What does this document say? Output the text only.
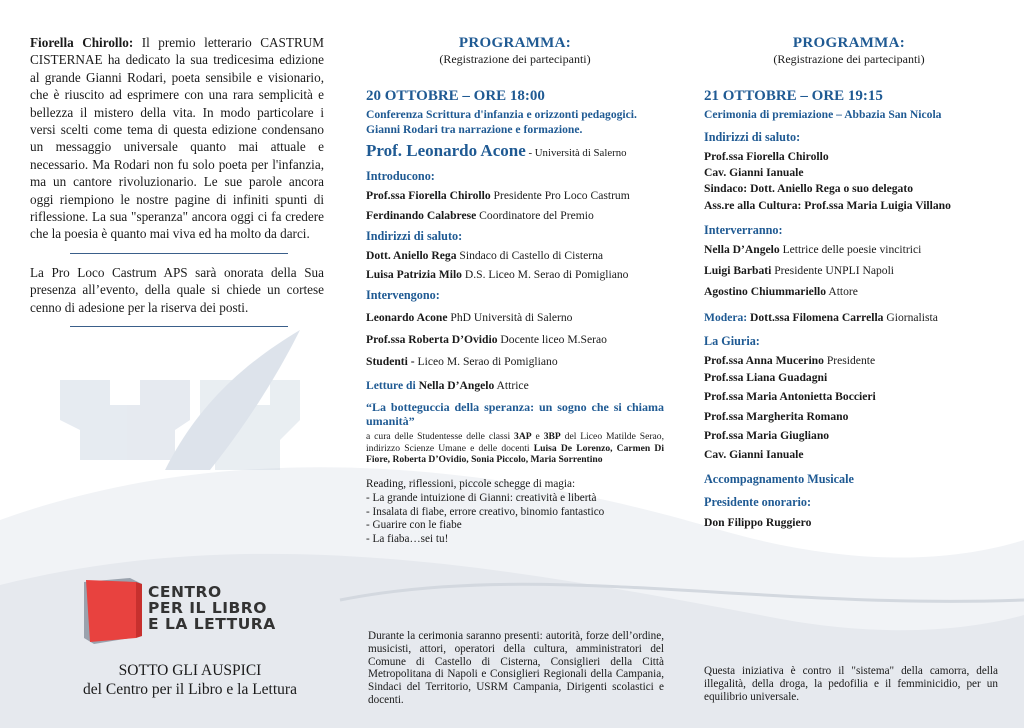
Fiorella Chirollo: Il premio letterario CASTRUM CISTERNAE ha dedicato la sua tredicesima edizione al grande Gianni Rodari, poeta sensibile e visionario, che è riuscito ad esprimere con una rara semplicità e bellezza il mistero della vita. In modo particolare i versi scelti come tema di questa edizione condensano un messaggio universale quanto mai attuale e necessario. Ma Rodari non fu solo poeta per l'infanzia, ma un cantore rivoluzionario. Le sue parole ancora oggi riempiono le nostre pagine di infiniti spunti di riflessione. La sua "speranza" ancora oggi ci fa credere che la poesia è quanto mai viva ed ha molto da darci.

La Pro Loco Castrum APS sarà onorata della Sua presenza all’evento, della quale si chiede un cortese cenno di adesione per la riserva dei posti.

CENTRO
PER IL LIBRO
E LA LETTURA
SOTTO GLI AUSPICI
del Centro per il Libro e la Lettura
PROGRAMMA:
(Registrazione dei partecipanti)
20 OTTOBRE – ORE 18:00
Conferenza Scrittura d'infanzia e orizzonti pedagogici.
Gianni Rodari tra narrazione e formazione.
Prof. Leonardo Acone - Università di Salerno
Introducono:
Prof.ssa Fiorella Chirollo Presidente Pro Loco Castrum
Ferdinando Calabrese Coordinatore del Premio
Indirizzi di saluto:
Dott. Aniello Rega Sindaco di Castello di Cisterna
Luisa Patrizia Milo D.S. Liceo M. Serao di Pomigliano
Intervengono:
Leonardo Acone PhD Università di Salerno
Prof.ssa Roberta D’Ovidio Docente liceo M.Serao
Studenti - Liceo M. Serao di Pomigliano
Letture di Nella D’Angelo Attrice
“La botteguccia della speranza: un sogno che si chiama umanità”
a cura delle Studentesse delle classi 3AP e 3BP del Liceo Matilde Serao, indirizzo Scienze Umane e delle docenti Luisa De Lorenzo, Carmen Di Fiore, Roberta D’Ovidio, Sonia Piccolo, Maria Sorrentino
Reading, riflessioni, piccole schegge di magia:
- La grande intuizione di Gianni: creatività e libertà
- Insalata di fiabe, errore creativo, binomio fantastico
- Guarire con le fiabe
- La fiaba…sei tu!
Durante la cerimonia saranno presenti: autorità, forze dell’ordine, musicisti, attori, operatori della cultura, amministratori del Comune di Castello di Cisterna, Consiglieri della Città Metropolitana di Napoli e Consiglieri Regionali della Campania, Sindaci del Territorio, USRM Campania, Dirigenti scolastici e docenti.
PROGRAMMA:
(Registrazione dei partecipanti)
21 OTTOBRE – ORE 19:15
Cerimonia di premiazione – Abbazia San Nicola
Indirizzi di saluto:
Prof.ssa Fiorella Chirollo
Cav. Gianni Ianuale
Sindaco: Dott. Aniello Rega o suo delegato
Ass.re alla Cultura: Prof.ssa Maria Luigia Villano
Interverranno:
Nella D’Angelo Lettrice delle poesie vincitrici
Luigi Barbati Presidente UNPLI Napoli
Agostino Chiummariello Attore
Modera: Dott.ssa Filomena Carrella Giornalista
La Giuria:
Prof.ssa Anna Mucerino Presidente
Prof.ssa Liana Guadagni
Prof.ssa Maria Antonietta Boccieri
Prof.ssa Margherita Romano
Prof.ssa Maria Giugliano
Cav. Gianni Ianuale
Accompagnamento Musicale
Presidente onorario:
Don Filippo Ruggiero
Questa iniziativa è contro il "sistema" della camorra, della illegalità, della droga, la pedofilia e il femminicidio, per un equilibrio universale.
